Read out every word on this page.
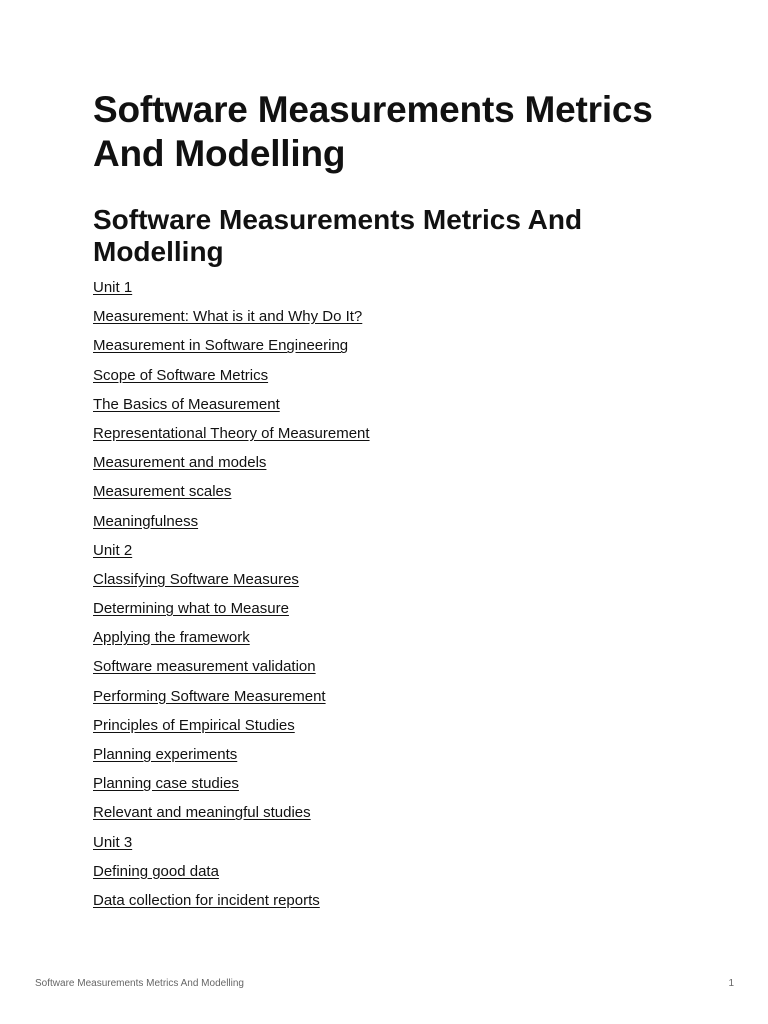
Software Measurements Metrics And Modelling
Software Measurements Metrics And Modelling
Unit 1
Measurement: What is it and Why Do It?
Measurement in Software Engineering
Scope of Software Metrics
The Basics of Measurement
Representational Theory of Measurement
Measurement and models
Measurement scales
Meaningfulness
Unit 2
Classifying Software Measures
Determining what to Measure
Applying the framework
Software measurement validation
Performing Software Measurement
Principles of Empirical Studies
Planning experiments
Planning case studies
Relevant and meaningful studies
Unit 3
Defining good data
Data collection for incident reports
Software Measurements Metrics And Modelling	1
